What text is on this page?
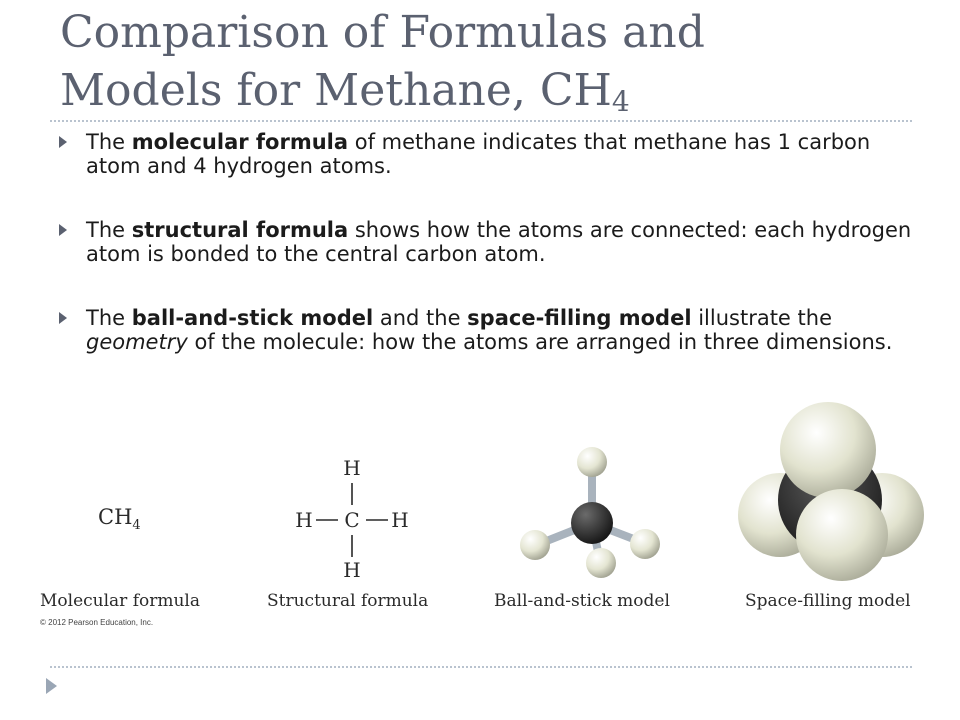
Comparison of Formulas and
Models for Methane, $CH_4$
The molecular formula of methane indicates that methane has 1 carbon atom and 4 hydrogen atoms.
The structural formula shows how the atoms are connected: each hydrogen atom is bonded to the central carbon atom.
The ball-and-stick model and the space-filling model illustrate the geometry of the molecule: how the atoms are arranged in three dimensions.
$CH_4$
H
H C H
H
Molecular formula	Structural formula	Ball-and-stick model	Space-filling model
© 2012 Pearson Education, Inc.
